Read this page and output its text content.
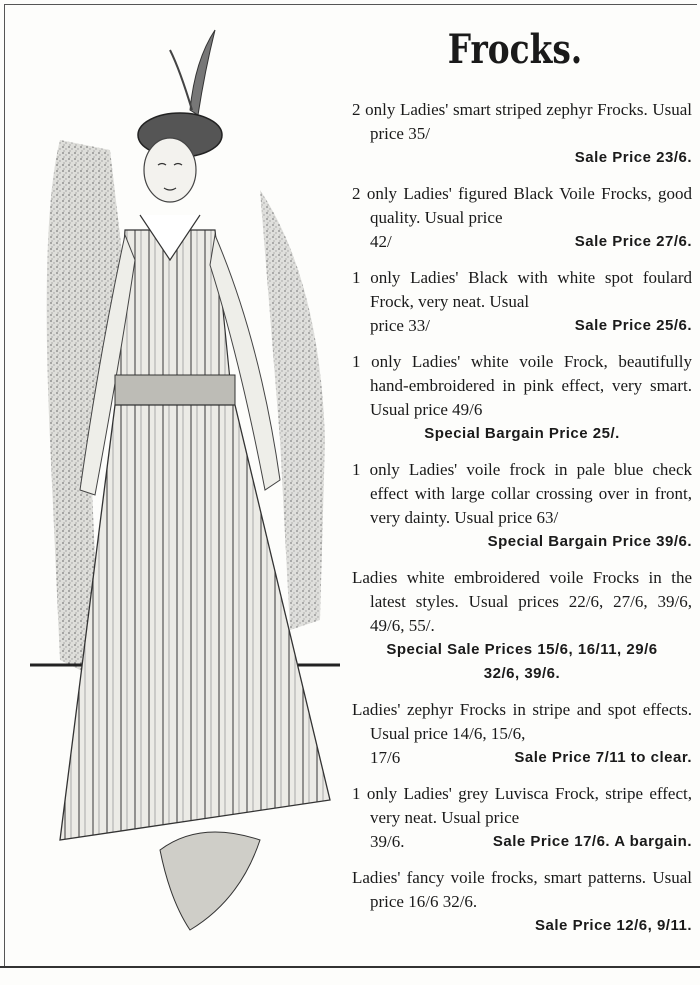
Frocks.
2 only Ladies' smart striped zephyr Frocks. Usual price 35/
Sale Price 23/6.
2 only Ladies' figured Black Voile Frocks, good quality. Usual price
Sale Price 27/6.
42/
1 only Ladies' Black with white spot foulard Frock, very neat. Usual
Sale Price 25/6.
price 33/
1 only Ladies' white voile Frock, beautifully hand-embroidered in pink effect, very smart. Usual price 49/6
Special Bargain Price 25/.
1 only Ladies' voile frock in pale blue check effect with large collar crossing over in front, very dainty. Usual price 63/
Special Bargain Price 39/6.
Ladies white embroidered voile Frocks in the latest styles. Usual prices 22/6, 27/6, 39/6, 49/6, 55/.
Special Sale Prices 15/6, 16/11, 29/6
32/6, 39/6.
Ladies' zephyr Frocks in stripe and spot effects. Usual price 14/6, 15/6,
Sale Price 7/11 to clear.
17/6
1 only Ladies' grey Luvisca Frock, stripe effect, very neat. Usual price
Sale Price 17/6. A bargain.
39/6.
Ladies' fancy voile frocks, smart patterns. Usual price 16/6 32/6.
Sale Price 12/6, 9/11.
